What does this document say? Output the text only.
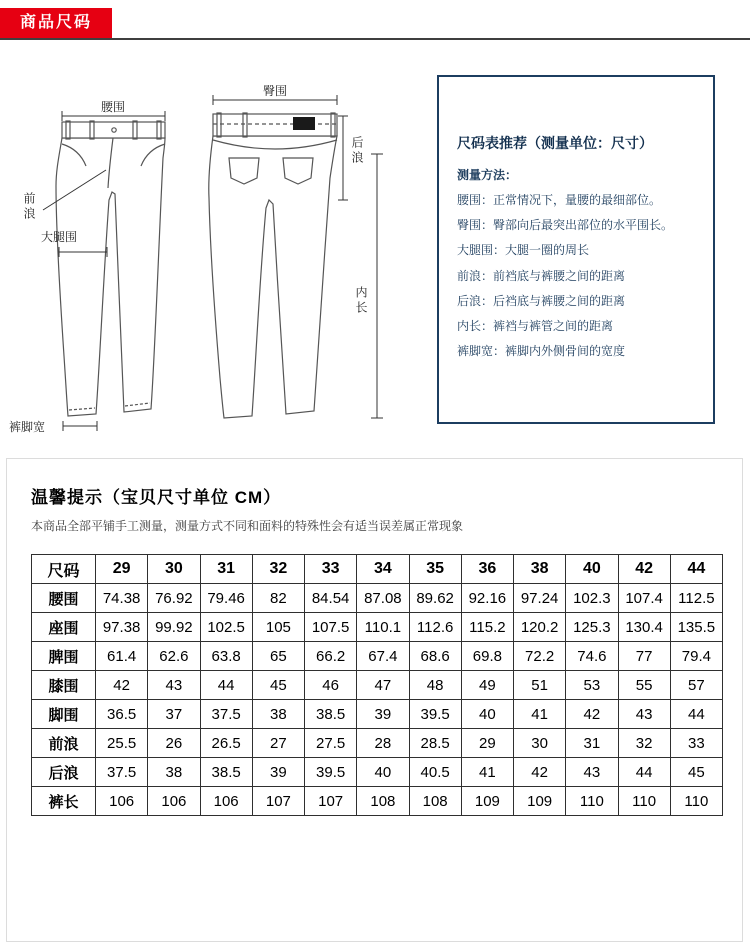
商品尺码
腰围
臀围
前浪
大腿围
后浪
内长
裤脚宽
尺码表推荐（测量单位：尺寸）
测量方法：

腰围：正常情况下，量腰的最细部位。

臀围：臀部向后最突出部位的水平围长。

大腿围：大腿一圈的周长

前浪：前裆底与裤腰之间的距离

后浪：后裆底与裤腰之间的距离

内长：裤裆与裤管之间的距离

裤脚宽：裤脚内外侧骨间的宽度

温馨提示（宝贝尺寸单位 CM）
本商品全部平铺手工测量，测量方式不同和面料的特殊性会有适当误差属正常现象
尺码	29	30	31	32	33	34	35	36	38	40	42	44
腰围	74.38	76.92	79.46	82	84.54	87.08	89.62	92.16	97.24	102.3	107.4	112.5
座围	97.38	99.92	102.5	105	107.5	110.1	112.6	115.2	120.2	125.3	130.4	135.5
脾围	61.4	62.6	63.8	65	66.2	67.4	68.6	69.8	72.2	74.6	77	79.4
膝围	42	43	44	45	46	47	48	49	51	53	55	57
脚围	36.5	37	37.5	38	38.5	39	39.5	40	41	42	43	44
前浪	25.5	26	26.5	27	27.5	28	28.5	29	30	31	32	33
后浪	37.5	38	38.5	39	39.5	40	40.5	41	42	43	44	45
裤长	106	106	106	107	107	108	108	109	109	110	110	110
